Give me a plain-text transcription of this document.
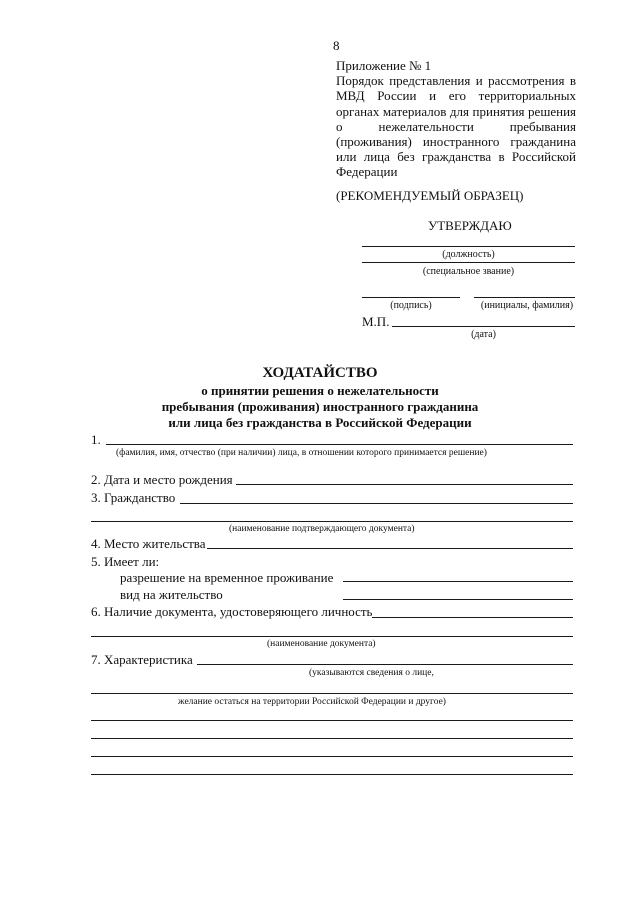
8
Приложение № 1
Порядок представления и рассмотрения в
МВД России и его территориальных
органах материалов для принятия решения
о нежелательности пребывания
(проживания) иностранного гражданина
или лица без гражданства в Российской
Федерации
(РЕКОМЕНДУЕМЫЙ ОБРАЗЕЦ)
УТВЕРЖДАЮ
(должность)
(специальное звание)
(подпись)	(инициалы, фамилия)
М.П.
(дата)
ХОДАТАЙСТВО
о принятии решения о нежелательности
пребывания (проживания) иностранного гражданина
или лица без гражданства в Российской Федерации
1.
(фамилия, имя, отчество (при наличии) лица, в отношении которого принимается решение)
2. Дата и место рождения
3. Гражданство
(наименование подтверждающего документа)
4. Место жительства
5. Имеет ли:
разрешение на временное проживание
вид на жительство
6. Наличие документа, удостоверяющего личность
(наименование документа)
7. Характеристика
(указываются сведения о лице,
желание остаться на территории Российской Федерации и другое)
